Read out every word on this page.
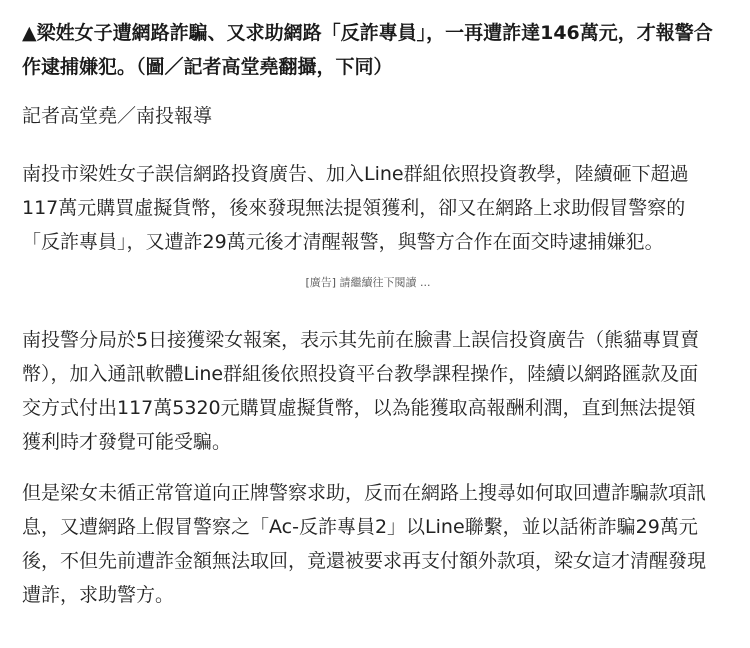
▲梁姓女子遭網路詐騙、又求助網路「反詐專員」，一再遭詐達146萬元，才報警合作逮捕嫌犯。（圖／記者高堂堯翻攝，下同）

記者高堂堯／南投報導

南投市梁姓女子誤信網路投資廣告、加入Line群組依照投資教學，陸續砸下超過117萬元購買虛擬貨幣，後來發現無法提領獲利，卻又在網路上求助假冒警察的「反詐專員」，又遭詐29萬元後才清醒報警，與警方合作在面交時逮捕嫌犯。

[廣告] 請繼續往下閱讀 ...

南投警分局於5日接獲梁女報案，表示其先前在臉書上誤信投資廣告（熊貓專買賣幣），加入通訊軟體Line群組後依照投資平台教學課程操作，陸續以網路匯款及面交方式付出117萬5320元購買虛擬貨幣，以為能獲取高報酬利潤，直到無法提領獲利時才發覺可能受騙。

但是梁女未循正常管道向正牌警察求助，反而在網路上搜尋如何取回遭詐騙款項訊息，又遭網路上假冒警察之「Ac-反詐專員2」以Line聯繫，並以話術詐騙29萬元後，不但先前遭詐金額無法取回，竟還被要求再支付額外款項，梁女這才清醒發現遭詐，求助警方。
